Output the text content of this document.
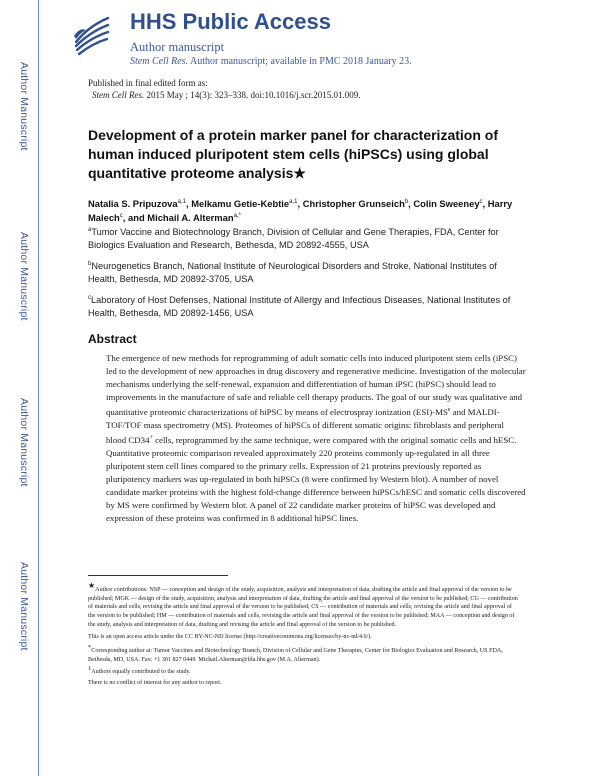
Author Manuscript
Author Manuscript
Author Manuscript
Author Manuscript
HHS Public Access
Author manuscript
Stem Cell Res. Author manuscript; available in PMC 2018 January 23.
Published in final edited form as:
Stem Cell Res. 2015 May ; 14(3): 323–338. doi:10.1016/j.scr.2015.01.009.
Development of a protein marker panel for characterization of human induced pluripotent stem cells (hiPSCs) using global quantitative proteome analysis★
Natalia S. Pripuzova$^{a,1}$, Melkamu Getie-Kebtie$^{a,1}$, Christopher Grunseich$^b$, Colin Sweeney$^c$, Harry Malech$^c$, and Michail A. Alterman$^{a,*}$
$^a$Tumor Vaccine and Biotechnology Branch, Division of Cellular and Gene Therapies, FDA, Center for Biologics Evaluation and Research, Bethesda, MD 20892-4555, USA
$^b$Neurogenetics Branch, National Institute of Neurological Disorders and Stroke, National Institutes of Health, Bethesda, MD 20892-3705, USA
$^c$Laboratory of Host Defenses, National Institute of Allergy and Infectious Diseases, National Institutes of Health, Bethesda, MD 20892-1456, USA
Abstract
The emergence of new methods for reprogramming of adult somatic cells into induced pluripotent stem cells (iPSC) led to the development of new approaches in drug discovery and regenerative medicine. Investigation of the molecular mechanisms underlying the self-renewal, expansion and differentiation of human iPSC (hiPSC) should lead to improvements in the manufacture of safe and reliable cell therapy products. The goal of our study was qualitative and quantitative proteomic characterizations of hiPSC by means of electrospray ionization $(ESI)-MS^e$ and MALDI-TOF/TOF mass spectrometry (MS). Proteomes of hiPSCs of different somatic origins: fibroblasts and peripheral blood CD34+ cells, reprogrammed by the same technique, were compared with the original somatic cells and hESC. Quantitative proteomic comparison revealed approximately 220 proteins commonly up-regulated in all three pluripotent stem cell lines compared to the primary cells. Expression of 21 proteins previously reported as pluripotency markers was up-regulated in both hiPSCs (8 were confirmed by Western blot). A number of novel candidate marker proteins with the highest fold-change difference between hiPSCs/hESC and somatic cells discovered by MS were confirmed by Western blot. A panel of 22 candidate marker proteins of hiPSC was developed and expression of these proteins was confirmed in 8 additional hiPSC lines.

★Author contributions: NSP — conception and design of the study, acquisition, analysis and interpretation of data, drafting the article and final approval of the version to be published; MGK — design of the study, acquisition, analysis and interpretation of data, drafting the article and final approval of the version to be published; CG — contribution of materials and cells, revising the article and final approval of the version to be published; CS — contribution of materials and cells, revising the article and final approval of the version to be published; HM — contribution of materials and cells, revising the article and final approval of the version to be published; MAA — conception and design of the study, analysis and interpretation of data, drafting and revising the article and final approval of the version to be published.

This is an open access article under the CC BY-NC-ND license (http://creativecommons.org/licenses/by-nc-nd/4.0/).

*Corresponding author at: Tumor Vaccines and Biotechnology Branch, Division of Cellular and Gene Therapies, Center for Biologics Evaluation and Research, US FDA, Bethesda, MD, USA. Fax: +1 301 827 0449. Michail.Alterman@fda.hhs.gov (M.A. Alterman).
$^1$Authors equally contributed to the study.

There is no conflict of interest for any author to report.
